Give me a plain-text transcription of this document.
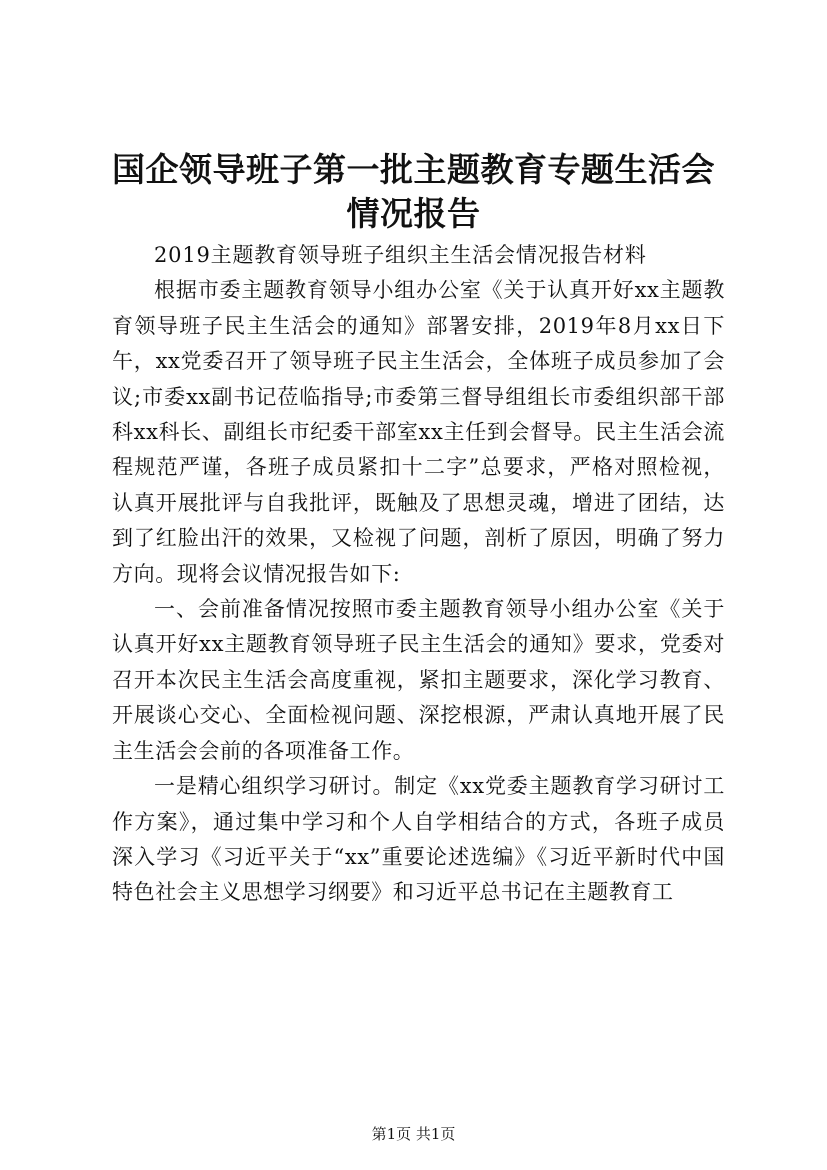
国企领导班子第一批主题教育专题生活会情况报告

2019主题教育领导班子组织主生活会情况报告材料

根据市委主题教育领导小组办公室《关于认真开好xx主题教育领导班子民主生活会的通知》部署安排，2019年8月xx日下午，xx党委召开了领导班子民主生活会，全体班子成员参加了会议;市委xx副书记莅临指导;市委第三督导组组长市委组织部干部科xx科长、副组长市纪委干部室xx主任到会督导。民主生活会流程规范严谨，各班子成员紧扣十二字”总要求，严格对照检视，认真开展批评与自我批评，既触及了思想灵魂，增进了团结，达到了红脸出汗的效果，又检视了问题，剖析了原因，明确了努力方向。现将会议情况报告如下:

一、会前准备情况按照市委主题教育领导小组办公室《关于认真开好xx主题教育领导班子民主生活会的通知》要求，党委对召开本次民主生活会高度重视，紧扣主题要求，深化学习教育、开展谈心交心、全面检视问题、深挖根源，严肃认真地开展了民主生活会会前的各项准备工作。

一是精心组织学习研讨。制定《xx党委主题教育学习研讨工作方案》，通过集中学习和个人自学相结合的方式，各班子成员深入学习《习近平关于“xx”重要论述选编》《习近平新时代中国特色社会主义思想学习纲要》和习近平总书记在主题教育工

第1页 共1页
